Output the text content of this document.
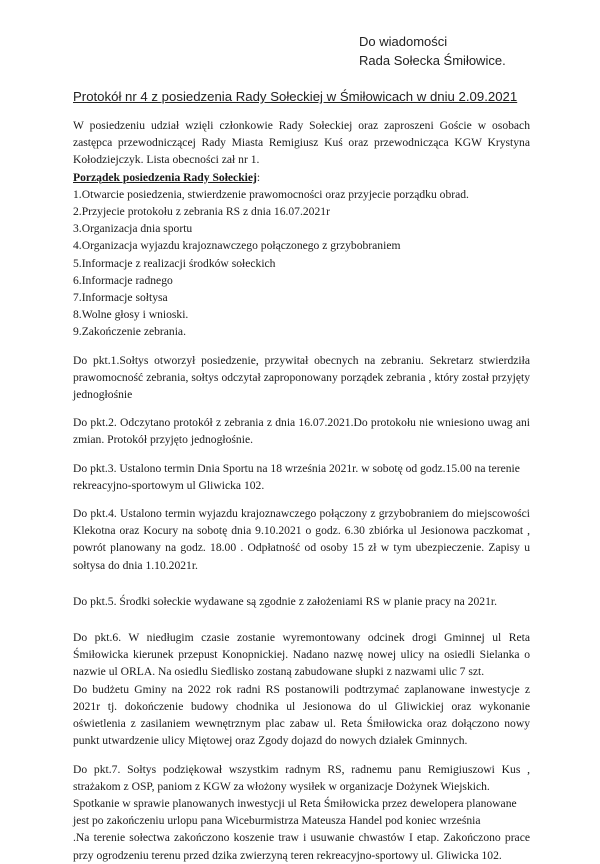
Do wiadomości
Rada Sołecka Śmiłowice.
Protokół nr 4 z posiedzenia Rady Sołeckiej w Śmiłowicach w dniu 2.09.2021

W posiedzeniu udział wzięli członkowie Rady Sołeckiej oraz zaproszeni Goście w osobach zastępca przewodniczącej Rady Miasta Remigiusz Kuś oraz przewodnicząca KGW Krystyna Kołodziejczyk. Lista obecności zał nr 1.

Porządek posiedzenia Rady Sołeckiej:
1.Otwarcie posiedzenia, stwierdzenie prawomocności oraz przyjecie porządku obrad.
2.Przyjecie protokołu z zebrania RS z dnia 16.07.2021r
3.Organizacja dnia sportu
4.Organizacja wyjazdu krajoznawczego połączonego z grzybobraniem
5.Informacje z realizacji środków sołeckich
6.Informacje radnego
7.Informacje sołtysa
8.Wolne głosy i wnioski.
9.Zakończenie zebrania.

Do pkt.1.Sołtys otworzył posiedzenie, przywitał obecnych na zebraniu. Sekretarz stwierdziła prawomocność zebrania, sołtys odczytał zaproponowany porządek zebrania , który został przyjęty jednogłośnie

Do pkt.2. Odczytano protokół z zebrania z dnia 16.07.2021.Do protokołu nie wniesiono uwag ani zmian. Protokół przyjęto jednogłośnie.

Do pkt.3. Ustalono termin Dnia Sportu na 18 września 2021r. w sobotę od godz.15.00 na terenie rekreacyjno-sportowym ul Gliwicka 102.

Do pkt.4. Ustalono termin wyjazdu krajoznawczego połączony z grzybobraniem do miejscowości Klekotna oraz Kocury na sobotę dnia 9.10.2021 o godz. 6.30 zbiórka ul Jesionowa paczkomat , powrót planowany na godz. 18.00 . Odpłatność od osoby 15 zł w tym ubezpieczenie. Zapisy u sołtysa do dnia 1.10.2021r.

Do pkt.5. Środki sołeckie wydawane są zgodnie z założeniami RS w planie pracy na 2021r.

Do pkt.6. W niedługim czasie zostanie wyremontowany odcinek drogi Gminnej ul Reta Śmiłowicka kierunek przepust Konopnickiej. Nadano nazwę nowej ulicy na osiedli Sielanka o nazwie ul ORLA. Na osiedlu Siedlisko zostaną zabudowane słupki z nazwami ulic 7 szt.

Do budżetu Gminy na 2022 rok radni RS postanowili podtrzymać zaplanowane inwestycje z 2021r tj. dokończenie budowy chodnika ul Jesionowa do ul Gliwickiej oraz wykonanie oświetlenia z zasilaniem wewnętrznym plac zabaw ul. Reta Śmiłowicka oraz dołączono nowy punkt utwardzenie ulicy Miętowej oraz Zgody dojazd do nowych działek Gminnych.

Do pkt.7. Sołtys podziękował wszystkim radnym RS, radnemu panu Remigiuszowi Kus , strażakom z OSP, paniom z KGW za włożony wysiłek w organizacje Dożynek Wiejskich.

Spotkanie w sprawie planowanych inwestycji ul Reta Śmiłowicka przez dewelopera planowane jest po zakończeniu urlopu pana Wiceburmistrza Mateusza Handel pod koniec września

.Na terenie sołectwa zakończono koszenie traw i usuwanie chwastów I etap. Zakończono prace przy ogrodzeniu terenu przed dzika zwierzyną teren rekreacyjno-sportowy ul. Gliwicka 102.
